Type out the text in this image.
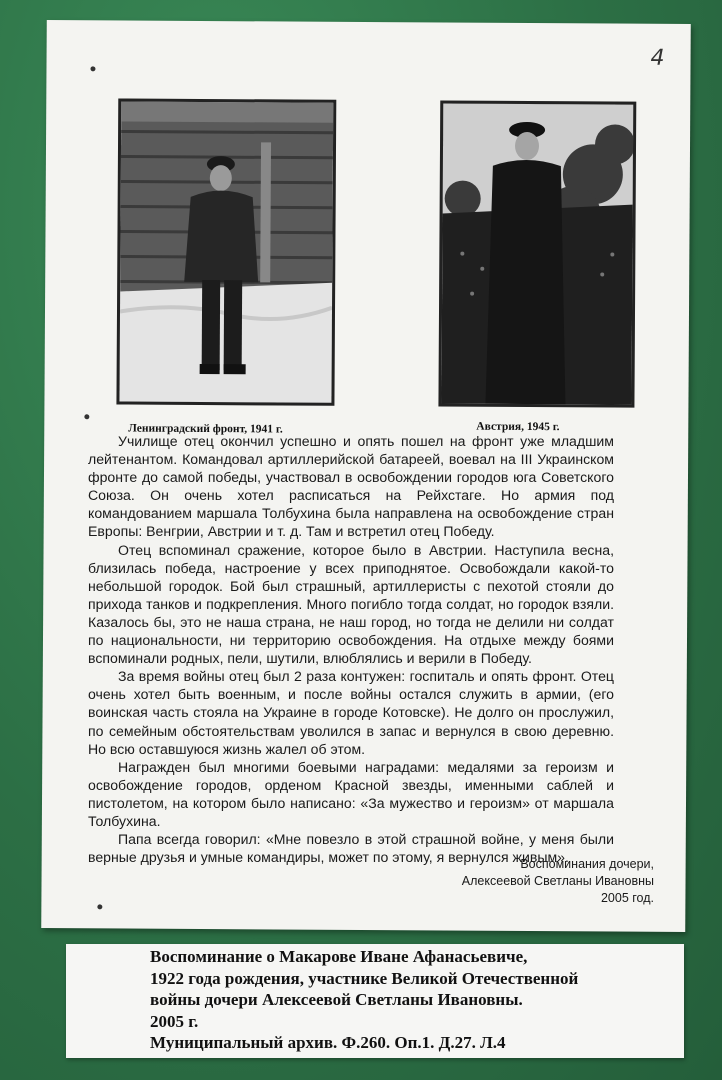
4
Ленинградский фронт, 1941 г.	Австрия, 1945 г.

Училище отец окончил успешно и опять пошел на фронт уже младшим лейтенантом. Командовал артиллерийской батареей, воевал на III Украинском фронте до самой победы, участвовал в освобождении городов юга Советского Союза. Он очень хотел расписаться на Рейхстаге. Но армия под командованием маршала Толбухина была направлена на освобождение стран Европы: Венгрии, Австрии и т. д. Там и встретил отец Победу.

Отец вспоминал сражение, которое было в Австрии. Наступила весна, близилась победа, настроение у всех приподнятое. Освобождали какой-то небольшой городок. Бой был страшный, артиллеристы с пехотой стояли до прихода танков и подкрепления. Много погибло тогда солдат, но городок взяли. Казалось бы, это не наша страна, не наш город, но тогда не делили ни солдат по национальности, ни территорию освобождения. На отдыхе между боями вспоминали родных, пели, шутили, влюблялись и верили в Победу.

За время войны отец был 2 раза контужен: госпиталь и опять фронт. Отец очень хотел быть военным, и после войны остался служить в армии, (его воинская часть стояла на Украине в городе Котовске). Не долго он прослужил, по семейным обстоятельствам уволился в запас и вернулся в свою деревню. Но всю оставшуюся жизнь жалел об этом.

Награжден был многими боевыми наградами: медалями за героизм и освобождение городов, орденом Красной звезды, именными саблей и пистолетом, на котором было написано: «За мужество и героизм» от маршала Толбухина.

Папа всегда говорил: «Мне повезло в этой страшной войне, у меня были верные друзья и умные командиры, может по этому, я вернулся живым».

Воспоминания дочери,
Алексеевой Светланы Ивановны
2005 год.
Воспоминание о Макарове Иване Афанасьевиче,
1922 года рождения, участнике Великой Отечественной
войны дочери Алексеевой Светланы Ивановны.
2005 г.
Муниципальный архив. Ф.260. Оп.1. Д.27. Л.4
